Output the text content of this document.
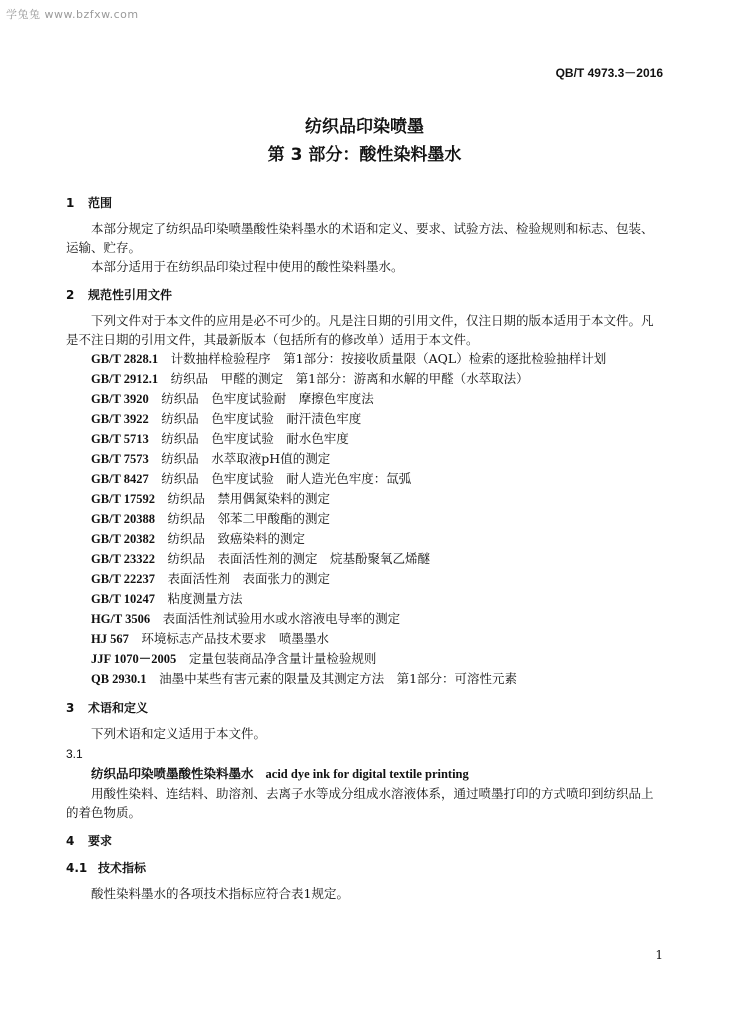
学兔兔 www.bzfxw.com
QB/T 4973.3－2016
纺织品印染喷墨
第 3 部分：酸性染料墨水
1	范围

本部分规定了纺织品印染喷墨酸性染料墨水的术语和定义、要求、试验方法、检验规则和标志、包装、运输、贮存。

本部分适用于在纺织品印染过程中使用的酸性染料墨水。

2	规范性引用文件

下列文件对于本文件的应用是必不可少的。凡是注日期的引用文件，仅注日期的版本适用于本文件。凡是不注日期的引用文件，其最新版本（包括所有的修改单）适用于本文件。

GB/T 2828.1　 计数抽样检验程序　第1部分：按接收质量限（AQL）检索的逐批检验抽样计划

GB/T 2912.1　 纺织品　甲醛的测定　第1部分：游离和水解的甲醛（水萃取法）

GB/T 3920　 纺织品　色牢度试验耐　摩擦色牢度法

GB/T 3922　 纺织品　色牢度试验　耐汗渍色牢度

GB/T 5713　 纺织品　色牢度试验　耐水色牢度

GB/T 7573　 纺织品　水萃取液pH值的测定

GB/T 8427　 纺织品　色牢度试验　耐人造光色牢度：氙弧

GB/T 17592　 纺织品　禁用偶氮染料的测定

GB/T 20388　 纺织品　邻苯二甲酸酯的测定

GB/T 20382　 纺织品　致癌染料的测定

GB/T 23322　 纺织品　表面活性剂的测定　烷基酚聚氧乙烯醚

GB/T 22237　 表面活性剂　表面张力的测定

GB/T 10247　 粘度测量方法

HG/T 3506　 表面活性剂试验用水或水溶液电导率的测定

HJ 567　 环境标志产品技术要求　喷墨墨水

JJF 1070－2005　 定量包装商品净含量计量检验规则

QB 2930.1　 油墨中某些有害元素的限量及其测定方法　第1部分：可溶性元素

3	术语和定义

下列术语和定义适用于本文件。

3.1
纺织品印染喷墨酸性染料墨水 acid dye ink for digital textile printing

用酸性染料、连结料、助溶剂、去离子水等成分组成水溶液体系，通过喷墨打印的方式喷印到纺织品上的着色物质。

4	要求
4.1 技术指标

酸性染料墨水的各项技术指标应符合表1规定。

1
